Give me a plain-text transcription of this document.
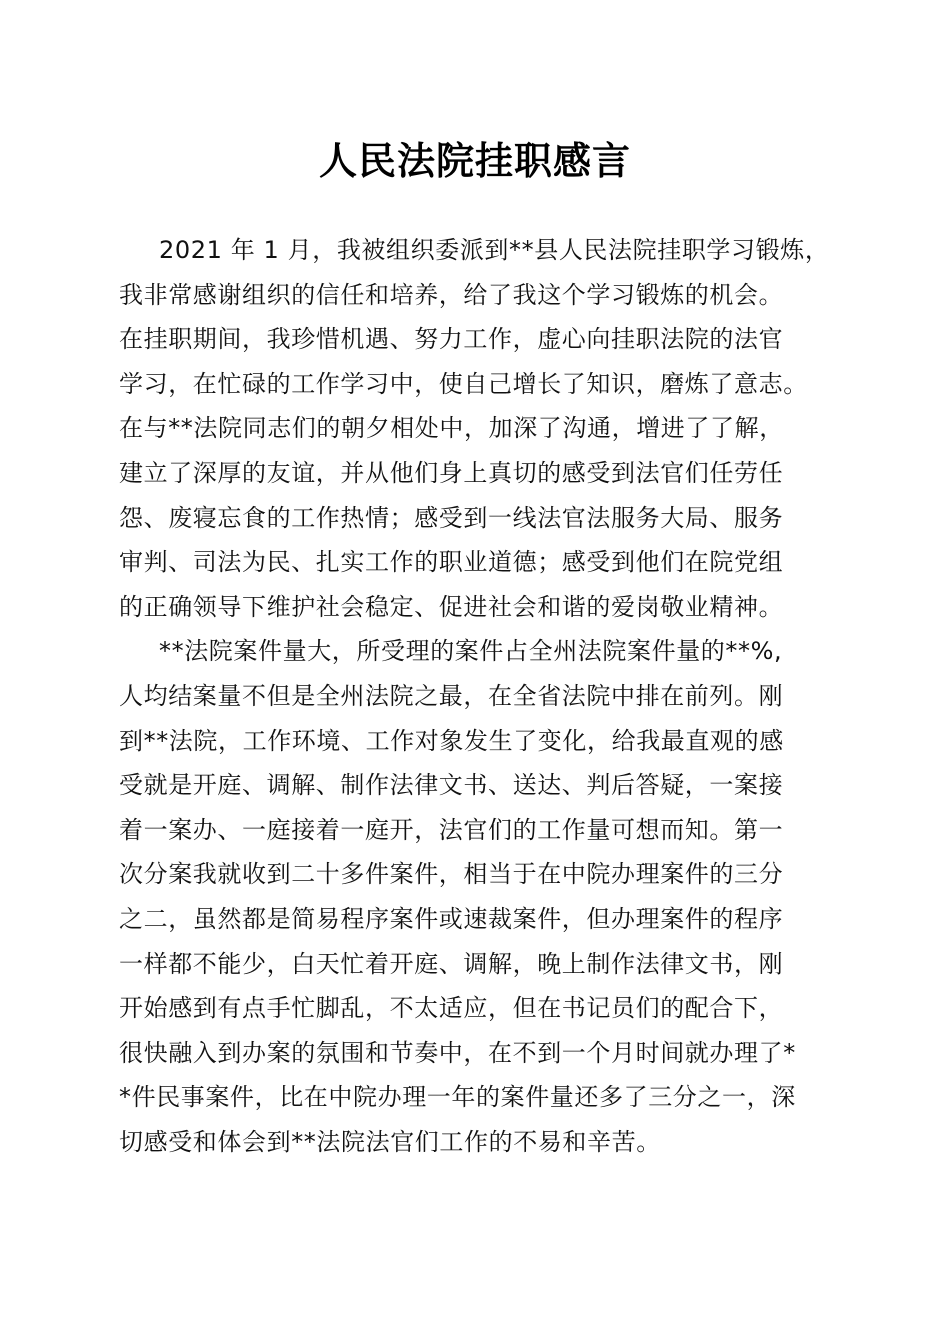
人民法院挂职感言
2021 年 1 月，我被组织委派到**县人民法院挂职学习锻炼，
我非常感谢组织的信任和培养，给了我这个学习锻炼的机会。
在挂职期间，我珍惜机遇、努力工作，虚心向挂职法院的法官
学习，在忙碌的工作学习中，使自己增长了知识，磨炼了意志。
在与**法院同志们的朝夕相处中，加深了沟通，增进了了解，
建立了深厚的友谊，并从他们身上真切的感受到法官们任劳任
怨、废寝忘食的工作热情；感受到一线法官法服务大局、服务
审判、司法为民、扎实工作的职业道德；感受到他们在院党组
的正确领导下维护社会稳定、促进社会和谐的爱岗敬业精神。
**法院案件量大，所受理的案件占全州法院案件量的**%,
人均结案量不但是全州法院之最，在全省法院中排在前列。刚
到**法院，工作环境、工作对象发生了变化，给我最直观的感
受就是开庭、调解、制作法律文书、送达、判后答疑，一案接
着一案办、一庭接着一庭开，法官们的工作量可想而知。第一
次分案我就收到二十多件案件，相当于在中院办理案件的三分
之二，虽然都是简易程序案件或速裁案件，但办理案件的程序
一样都不能少，白天忙着开庭、调解，晚上制作法律文书，刚
开始感到有点手忙脚乱，不太适应，但在书记员们的配合下，
很快融入到办案的氛围和节奏中，在不到一个月时间就办理了*
*件民事案件，比在中院办理一年的案件量还多了三分之一，深
切感受和体会到**法院法官们工作的不易和辛苦。
